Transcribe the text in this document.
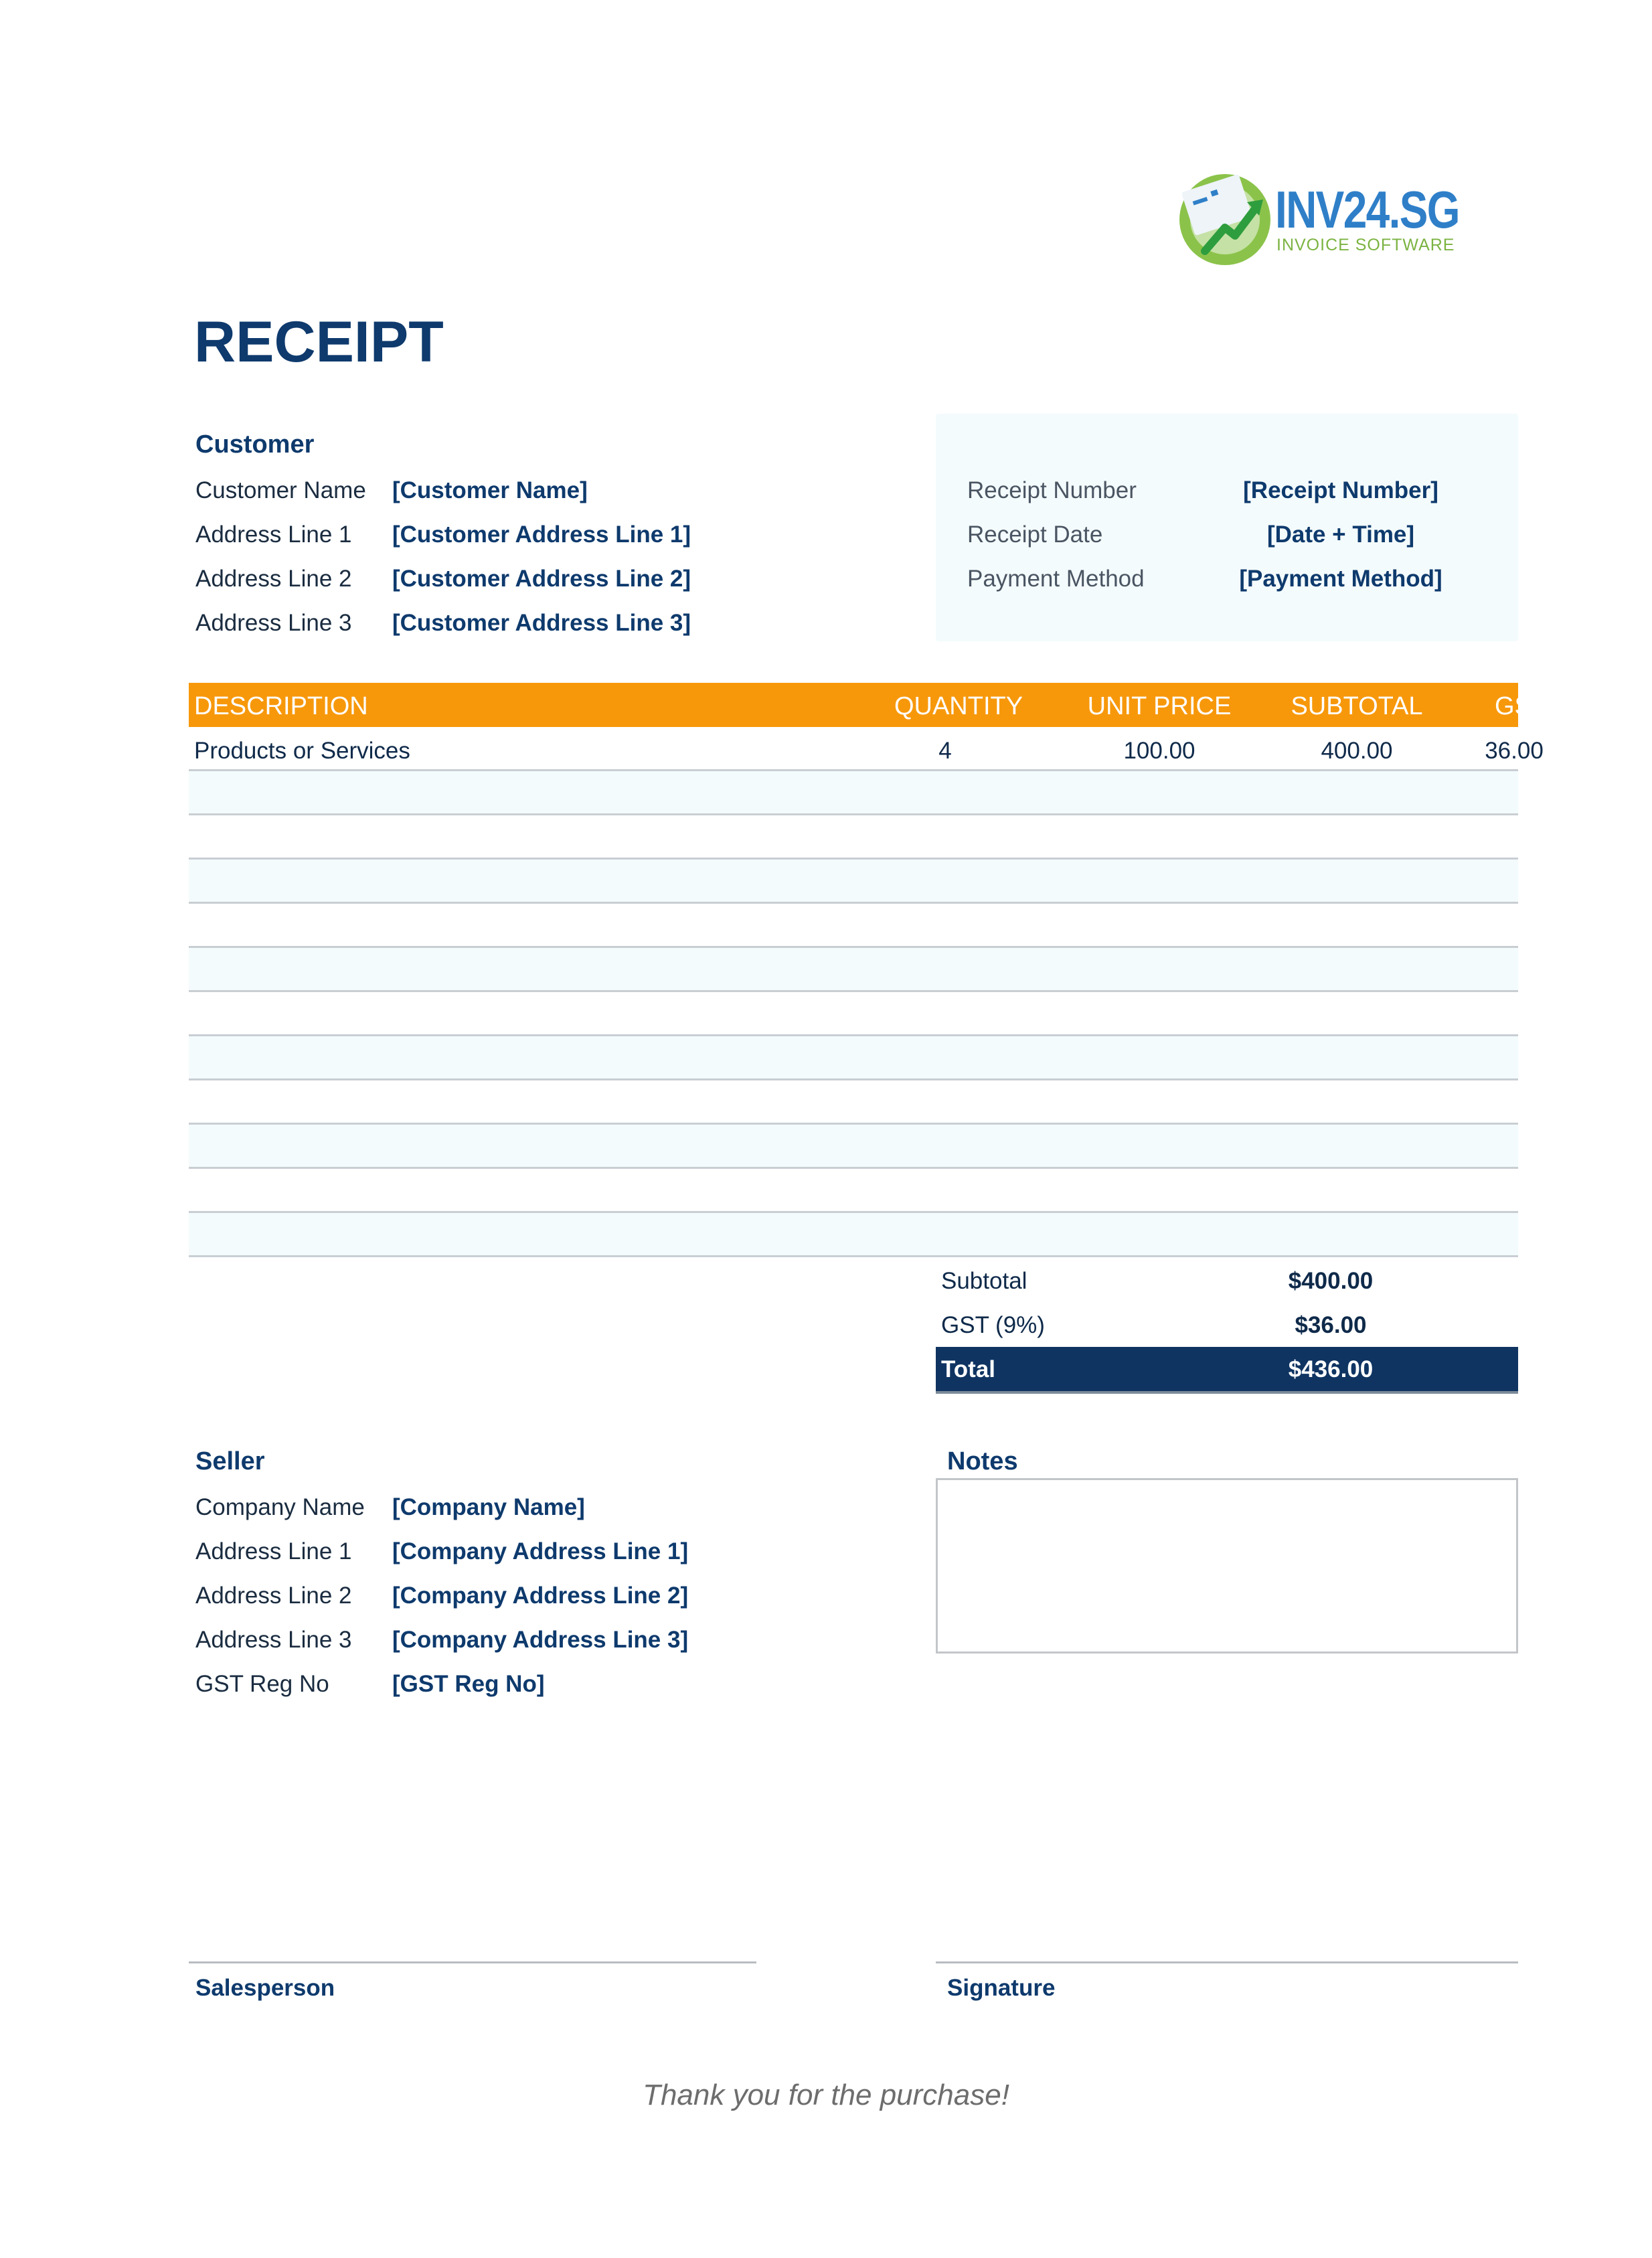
INV24.SG
INVOICE SOFTWARE
RECEIPT
Customer
Customer Name [Customer Name]
Address Line 1 [Customer Address Line 1]
Address Line 2 [Customer Address Line 2]
Address Line 3 [Customer Address Line 3]
Receipt Number	[Receipt Number]
Receipt Date	[Date + Time]
Payment Method	[Payment Method]
DESCRIPTION	QUANTITY	UNIT PRICE	SUBTOTAL	GST
Products or Services	4	100.00	400.00	36.00
Subtotal	$400.00
GST (9%)	$36.00
Total	$436.00
Seller
Company Name [Company Name]
Address Line 1 [Company Address Line 1]
Address Line 2 [Company Address Line 2]
Address Line 3 [Company Address Line 3]
GST Reg No	[GST Reg No]
Notes
Salesperson	Signature
Thank you for the purchase!
